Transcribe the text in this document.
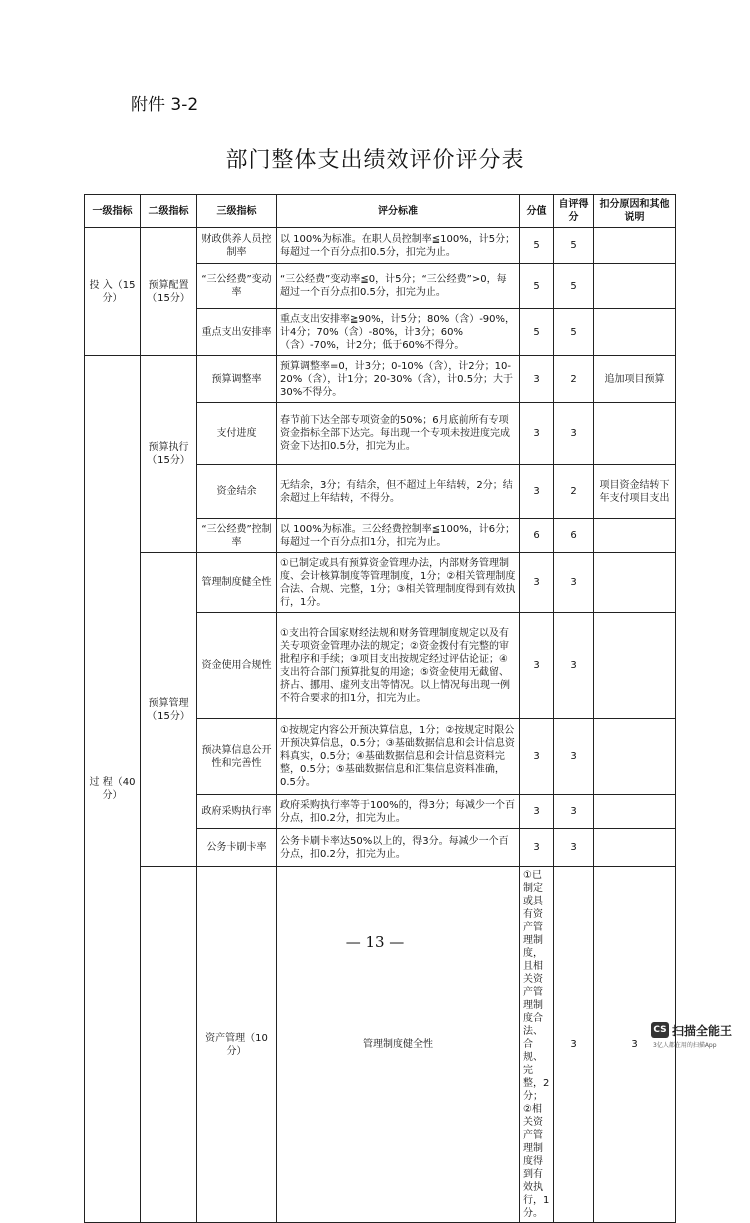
附件 3-2
部门整体支出绩效评价评分表
一级指标	二级指标	三级指标	评分标准	分值	自评得分	扣分原因和其他说明	
投 入（15分）	预算配置（15分）	财政供养人员控制率	以 100%为标准。在职人员控制率≦100%，计5分；每超过一个百分点扣0.5分，扣完为止。	5	5		
		“三公经费”变动率	“三公经费”变动率≦0，计5分；“三公经费”>0，每超过一个百分点扣0.5分，扣完为止。	5	5		
		重点支出安排率	重点支出安排率≧90%，计5分；80%（含）-90%，计4分；70%（含）-80%，计3分；60%（含）-70%，计2分；低于60%不得分。	5	5		
过 程（40分）	预算执行（15分）	预算调整率	预算调整率=0，计3分；0-10%（含），计2分；10-20%（含），计1分；20-30%（含），计0.5分；大于30%不得分。	3	2	追加项目预算	
		支付进度	春节前下达全部专项资金的50%；6月底前所有专项资金指标全部下达完。每出现一个专项未按进度完成资金下达扣0.5分，扣完为止。	3	3		
		资金结余	无结余，3分；有结余，但不超过上年结转，2分；结余超过上年结转，不得分。	3	2	项目资金结转下年支付项目支出	
		“三公经费”控制率	以 100%为标准。三公经费控制率≦100%，计6分；每超过一个百分点扣1分，扣完为止。	6	6		
	预算管理（15分）	管理制度健全性	①已制定或具有预算资金管理办法，内部财务管理制度、会计核算制度等管理制度，1分；②相关管理制度合法、合规、完整，1分；③相关管理制度得到有效执行，1分。	3	3		
		资金使用合规性	①支出符合国家财经法规和财务管理制度规定以及有关专项资金管理办法的规定；②资金拨付有完整的审批程序和手续；③项目支出按规定经过评估论证；④支出符合部门预算批复的用途；⑤资金使用无截留、挤占、挪用、虚列支出等情况。以上情况每出现一例不符合要求的扣1分，扣完为止。	3	3		
		预决算信息公开性和完善性	①按规定内容公开预决算信息，1分；②按规定时限公开预决算信息，0.5分；③基础数据信息和会计信息资料真实，0.5分；④基础数据信息和会计信息资料完整，0.5分；⑤基础数据信息和汇集信息资料准确，0.5分。	3	3		
		政府采购执行率	政府采购执行率等于100%的，得3分；每减少一个百分点，扣0.2分，扣完为止。	3	3		
		公务卡刷卡率	公务卡刷卡率达50%以上的，得3分。每减少一个百分点，扣0.2分，扣完为止。	3	3		
		资产管理（10分）	管理制度健全性	①已制定或具有资产管理制度，且相关资产管理制度合法、合规、完整，2分；②相关资产管理制度得到有效执行，1分。	3	3	
— 13 —
CS 扫描全能王
3亿人都在用的扫描App
